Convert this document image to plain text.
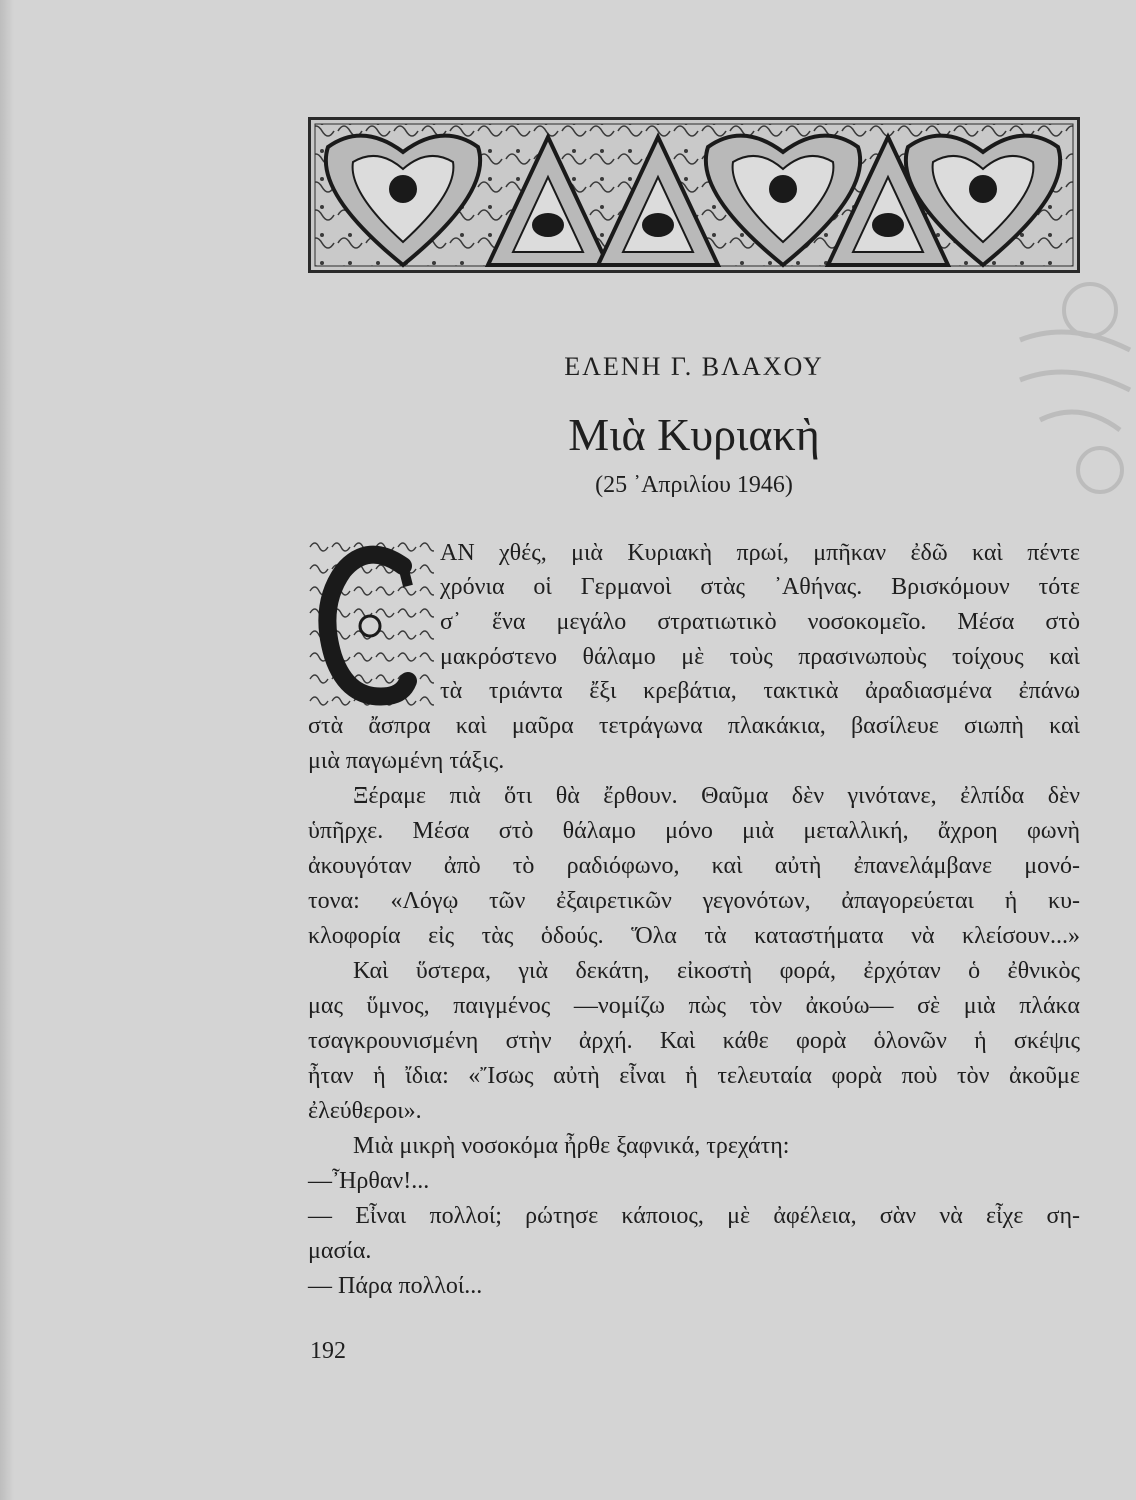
ΕΛΕΝΗ Γ. ΒΛΑΧΟΥ
Μιὰ Κυριακὴ
(25 ᾽Απριλίου 1946)
ΑΝ χθές, μιὰ Κυριακὴ πρωί, μπῆκαν ἐδῶ καὶ πέντε
χρόνια οἱ Γερμανοὶ στὰς ᾽Αθήνας. Βρισκόμουν τότε
σ᾽ ἕνα μεγάλο στρατιωτικὸ νοσοκομεῖο. Μέσα στὸ
μακρόστενο θάλαμο μὲ τοὺς πρασινωποὺς τοίχους καὶ
τὰ τριάντα ἔξι κρεβάτια, τακτικὰ ἀραδιασμένα ἐπάνω
στὰ ἄσπρα καὶ μαῦρα τετράγωνα πλακάκια, βασίλευε σιωπὴ καὶ
μιὰ παγωμένη τάξις.
Ξέραμε πιὰ ὅτι θὰ ἔρθουν. Θαῦμα δὲν γινότανε, ἐλπίδα δὲν
ὑπῆρχε. Μέσα στὸ θάλαμο μόνο μιὰ μεταλλική, ἄχροη φωνὴ
ἀκουγόταν ἀπὸ τὸ ραδιόφωνο, καὶ αὐτὴ ἐπανελάμβανε μονό-
τονα: «Λόγῳ τῶν ἐξαιρετικῶν γεγονότων, ἀπαγορεύεται ἡ κυ-
κλοφορία εἰς τὰς ὁδούς. Ὅλα τὰ καταστήματα νὰ κλείσουν...»
Καὶ ὕστερα, γιὰ δεκάτη, εἰκοστὴ φορά, ἐρχόταν ὁ ἐθνικὸς
μας ὕμνος, παιγμένος —νομίζω πὼς τὸν ἀκούω— σὲ μιὰ πλάκα
τσαγκρουνισμένη στὴν ἀρχή. Καὶ κάθε φορὰ ὁλονῶν ἡ σκέψις
ἦταν ἡ ἴδια: «Ἴσως αὐτὴ εἶναι ἡ τελευταία φορὰ ποὺ τὸν ἀκοῦμε
ἐλεύθεροι».
Μιὰ μικρὴ νοσοκόμα ἦρθε ξαφνικά, τρεχάτη:
—Ἦρθαν!...
— Εἶναι πολλοί; ρώτησε κάποιος, μὲ ἀφέλεια, σὰν νὰ εἶχε ση-
μασία.
— Πάρα πολλοί...
192
